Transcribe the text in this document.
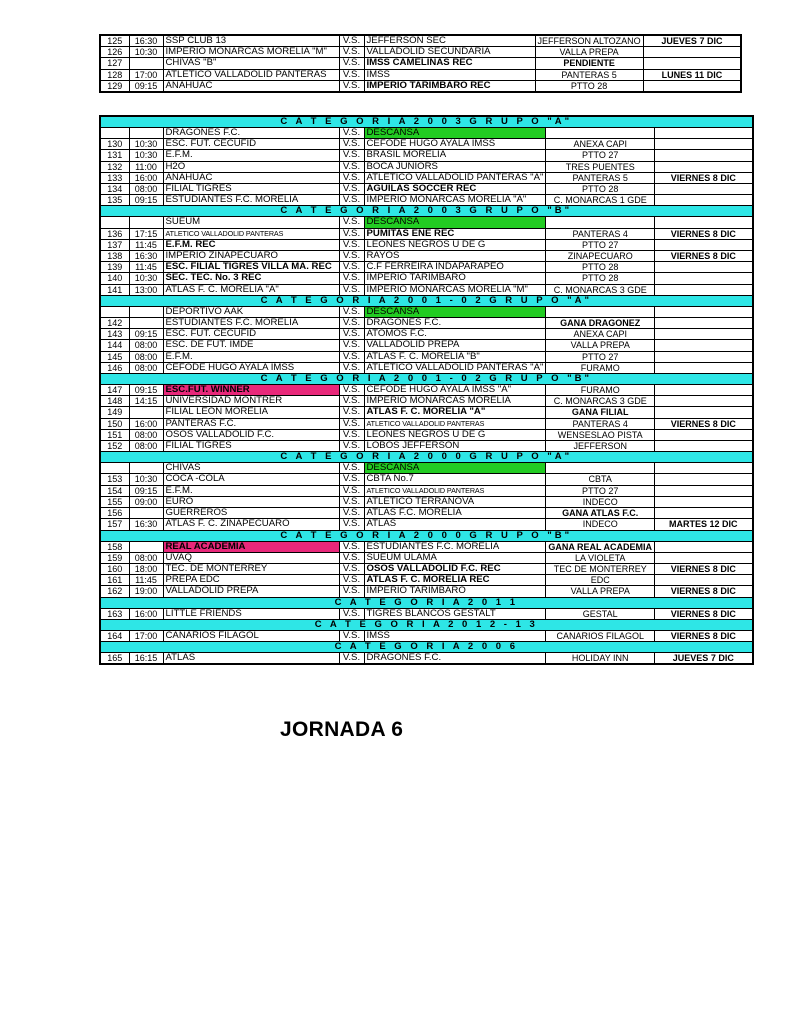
125	16:30	SSP CLUB 13	V.S.	JEFFERSON SEC	JEFFERSON ALTOZANO	JUEVES 7 DIC
126	10:30	IMPERIO MONARCAS MORELIA "M"	V.S.	VALLADOLID SECUNDARIA	VALLA PREPA	
127		CHIVAS "B"	V.S.	IMSS CAMELINAS REC	PENDIENTE	
128	17:00	ATLETICO VALLADOLID PANTERAS	V.S.	IMSS	PANTERAS 5	LUNES 11 DIC
129	09:15	ANAHUAC	V.S.	IMPERIO TARIMBARO REC	PTTO 28	
C A T E G O R I A 2 0 0 3 G R U P O "A"						
		DRAGONES F.C.	V.S.	DESCANSA		
130	10:30	ESC. FUT. CECUFID	V.S.	CEFODE HUGO AYALA IMSS	ANEXA CAPI	
131	10:30	E.F.M.	V.S.	BRASIL MORELIA	PTTO 27	
132	11:00	H2O	V.S.	BOCA JUNIORS	TRES PUENTES	
133	16:00	ANAHUAC	V.S.	ATLETICO VALLADOLID PANTERAS "A"	PANTERAS 5	VIERNES 8 DIC
134	08:00	FILIAL TIGRES	V.S.	AGUILAS SOCCER REC	PTTO 28	
135	09:15	ESTUDIANTES F.C. MORELIA	V.S.	IMPERIO MONARCAS MORELIA "A"	C. MONARCAS 1 GDE	
C A T E G O R I A 2 0 0 3 G R U P O "B"						
		SUEUM	V.S.	DESCANSA		
136	17:15	ATLETICO VALLADOLID PANTERAS	V.S.	PUMITAS ENE REC	PANTERAS 4	VIERNES 8 DIC
137	11:45	E.F.M. REC	V.S.	LEONES NEGROS U DE G	PTTO 27	
138	16:30	IMPERIO ZINAPECUARO	V.S.	RAYOS	ZINAPECUARO	VIERNES 8 DIC
139	11:45	ESC. FILIAL TIGRES VILLA MA. REC	V.S.	C.F FERREIRA INDAPARAPEO	PTTO 28	
140	10:30	SEC. TEC. No. 3 REC	V.S.	IMPERIO TARIMBARO	PTTO 28	
141	13:00	ATLAS F. C. MORELIA "A"	V.S.	IMPERIO MONARCAS MORELIA "M"	C. MONARCAS 3 GDE	
C A T E G O R I A 2 0 0 1 - 0 2 G R U P O "A"						
		DEPORTIVO AAK	V.S.	DESCANSA		
142		ESTUDIANTES F.C. MORELIA	V.S.	DRAGONES F.C.	GANA DRAGONEZ	
143	09:15	ESC. FUT. CECUFID	V.S.	ATOMOS F.C.	ANEXA CAPI	
144	08:00	ESC. DE FUT. IMDE	V.S.	VALLADOLID PREPA	VALLA PREPA	
145	08:00	E.F.M.	V.S.	ATLAS F. C. MORELIA "B"	PTTO 27	
146	08:00	CEFODE HUGO AYALA IMSS	V.S.	ATLETICO VALLADOLID PANTERAS "A"	FURAMO	
C A T E G O R I A 2 0 0 1 - 0 2 G R U P O "B"						
147	09:15	ESC.FUT. WINNER	V.S.	CEFODE HUGO AYALA IMSS "A"	FURAMO	
148	14:15	UNIVERSIDAD MONTRER	V.S.	IMPERIO MONARCAS MORELIA	C. MONARCAS 3 GDE	
149		FILIAL LEON MORELIA	V.S.	ATLAS F. C. MORELIA "A"	GANA FILIAL	
150	16:00	PANTERAS F.C.	V.S.	ATLETICO VALLADOLID PANTERAS	PANTERAS 4	VIERNES 8 DIC
151	08:00	OSOS VALLADOLID F.C.	V.S.	LEONES NEGROS U DE G	WENSESLAO PISTA	
152	08:00	FILIAL TIGRES	V.S.	LOBOS JEFFERSON	JEFFERSON	
C A T E G O R I A 2 0 0 0 G R U P O "A"						
		CHIVAS	V.S.	DESCANSA		
153	10:30	COCA -COLA	V.S.	CBTA No.7	CBTA	
154	09:15	E.F.M.	V.S.	ATLETICO VALLADOLID PANTERAS	PTTO 27	
155	09:00	EURO	V.S.	ATLETICO TERRANOVA	INDECO	
156		GUERREROS	V.S.	ATLAS F.C. MORELIA	GANA ATLAS F.C.	
157	16:30	ATLAS F. C. ZINAPECUARO	V.S.	ATLAS	INDECO	MARTES 12 DIC
C A T E G O R I A 2 0 0 0 G R U P O "B"						
158		REAL ACADEMIA	V.S.	ESTUDIANTES F.C. MORELIA	GANA REAL ACADEMIA	
159	08:00	UVAQ	V.S.	SUEUM ULAMA	LA VIOLETA	
160	18:00	TEC. DE MONTERREY	V.S.	OSOS VALLADOLID F.C. REC	TEC DE MONTERREY	VIERNES 8 DIC
161	11:45	PREPA EDC	V.S.	ATLAS F. C. MORELIA REC	EDC	
162	19:00	VALLADOLID PREPA	V.S.	IMPERIO TARIMBARO	VALLA PREPA	VIERNES 8 DIC
C A T E G O R I A 2 0 1 1						
163	16:00	LITTLE FRIENDS	V.S.	TIGRES BLANCOS GESTALT	GESTAL	VIERNES 8 DIC
C A T E G O R I A 2 0 1 2 - 1 3						
164	17:00	CANARIOS FILAGOL	V.S.	IMSS	CANARIOS FILAGOL	VIERNES 8 DIC
C A T E G O R I A 2 0 0 6						
165	16:15	ATLAS	V.S.	DRAGONES F.C.	HOLIDAY INN	JUEVES 7 DIC
JORNADA 6
